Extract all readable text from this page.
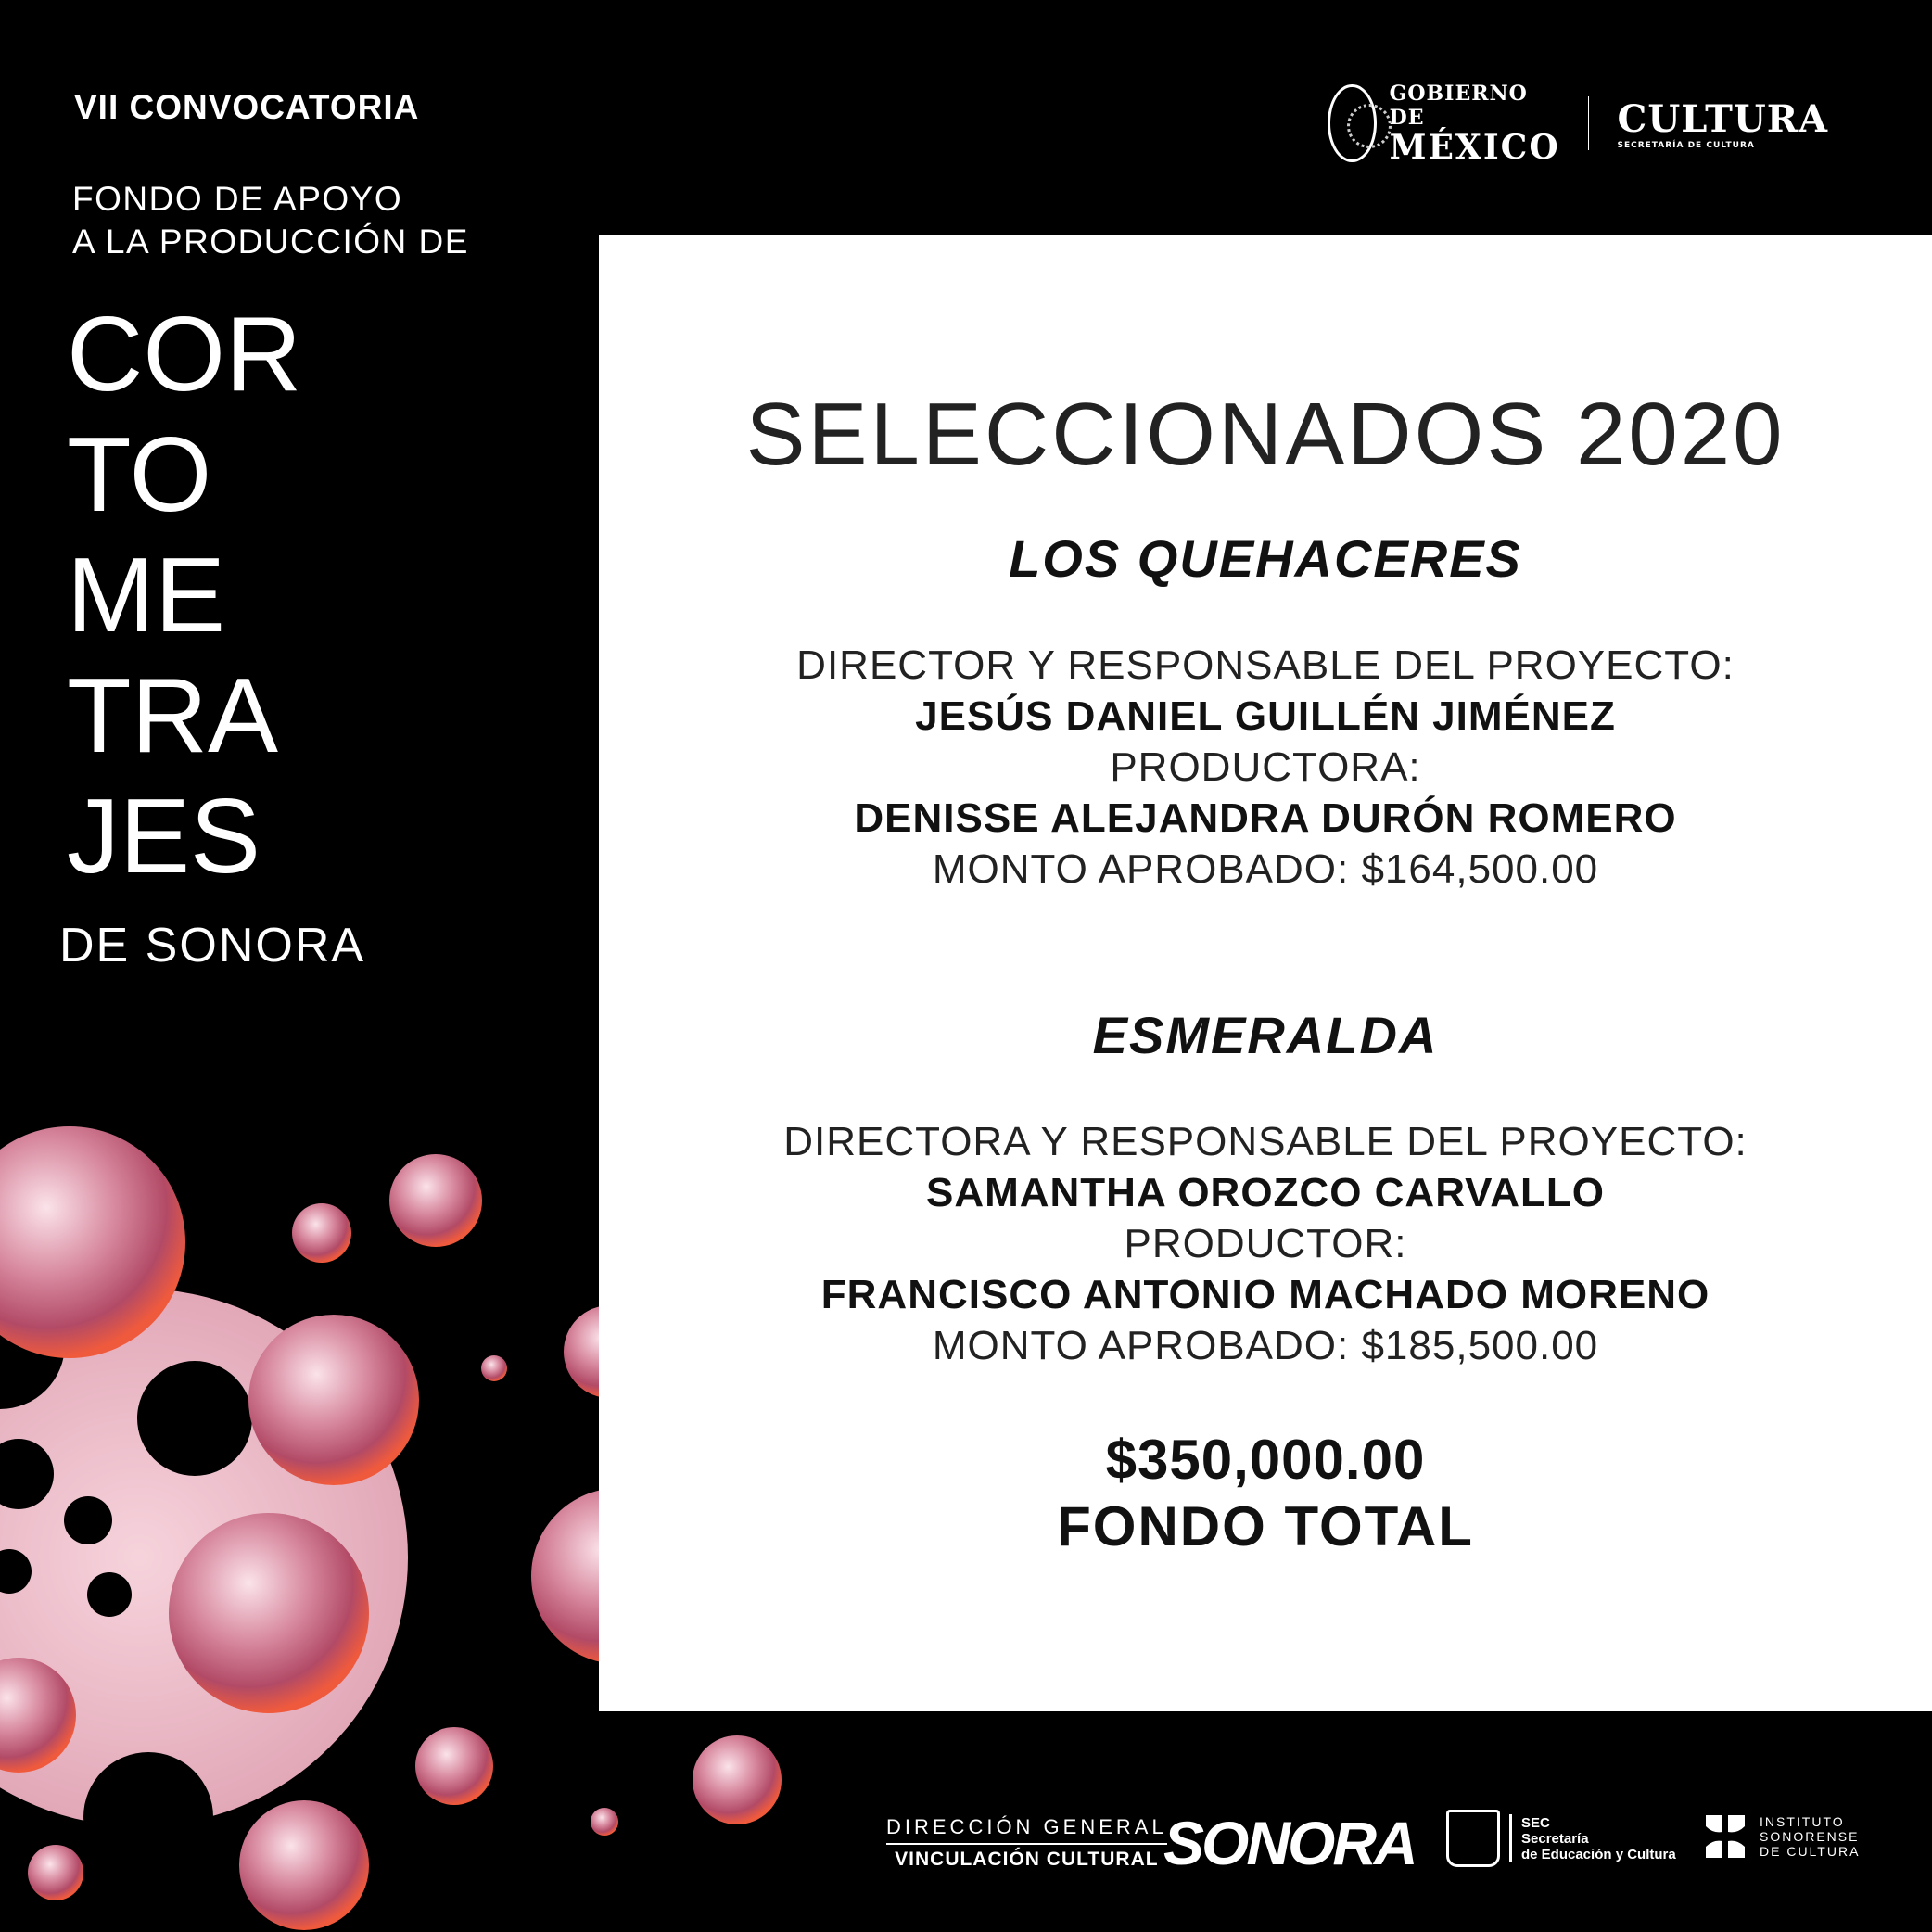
VII CONVOCATORIA
FONDO DE APOYO
A LA PRODUCCIÓN DE
COR
TO
ME
TRA
JES
DE SONORA
GOBIERNO DE
MÉXICO
CULTURA
SECRETARÍA DE CULTURA
SELECCIONADOS 2020
LOS QUEHACERES
DIRECTOR Y RESPONSABLE DEL PROYECTO:
JESÚS DANIEL GUILLÉN JIMÉNEZ
PRODUCTORA:
DENISSE ALEJANDRA DURÓN ROMERO
MONTO APROBADO: $164,500.00
ESMERALDA
DIRECTORA Y RESPONSABLE DEL PROYECTO:
SAMANTHA OROZCO CARVALLO
PRODUCTOR:
FRANCISCO ANTONIO MACHADO MORENO
MONTO APROBADO: $185,500.00
$350,000.00
FONDO TOTAL
DIRECCIÓN GENERAL
VINCULACIÓN CULTURAL SONORA	SEC
Secretaría
de Educación y Cultura
INSTITUTO
SONORENSE
DE CULTURA
